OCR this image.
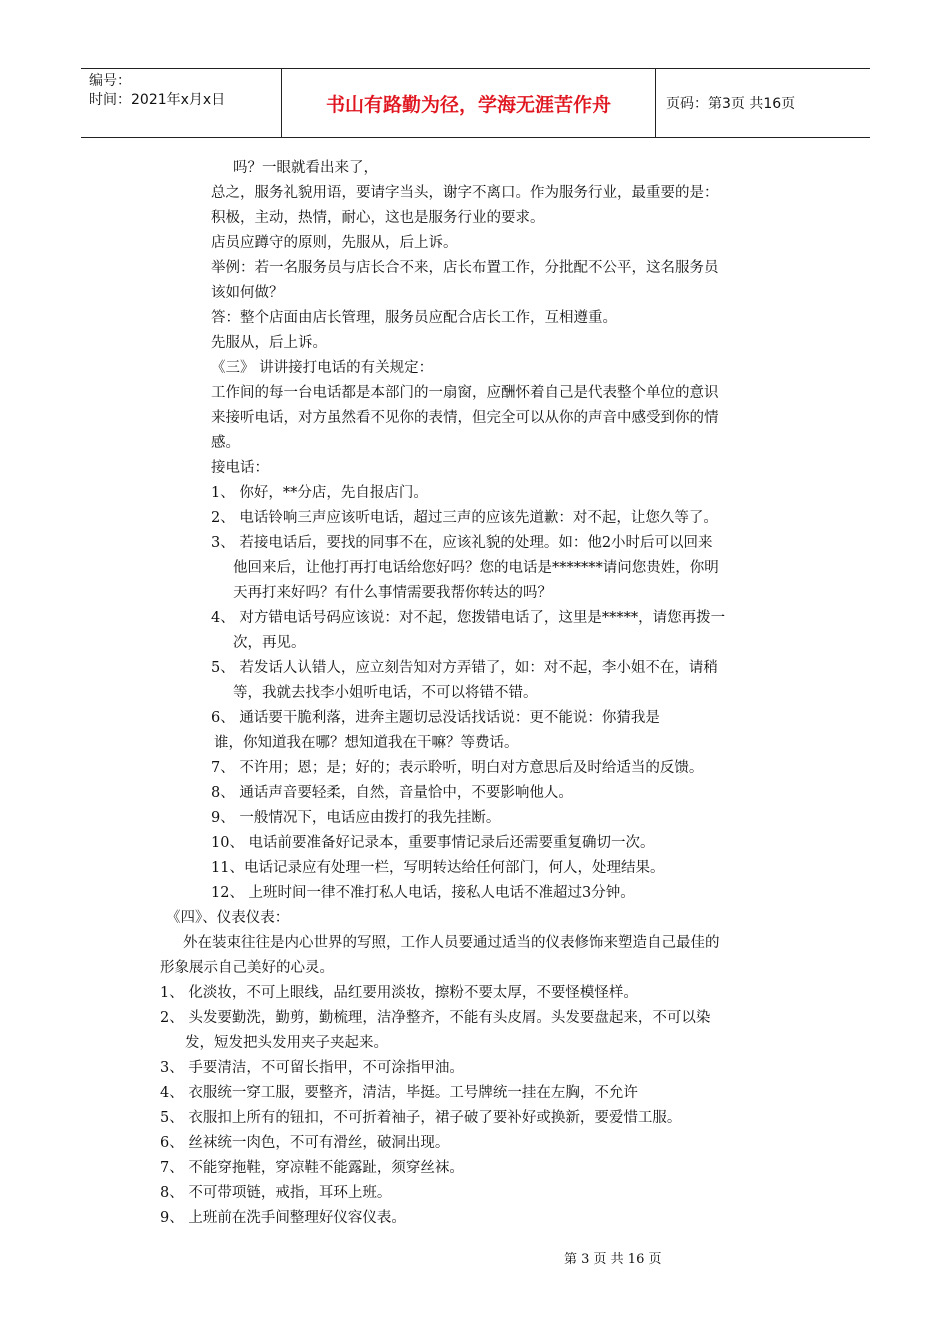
编号：
时间：2021年x月x日	书山有路勤为径，学海无涯苦作舟	页码：第3页 共16页
吗？一眼就看出来了，
总之，服务礼貌用语，要请字当头，谢字不离口。作为服务行业，最重要的是：
积极，主动，热情，耐心，这也是服务行业的要求。
店员应蹲守的原则，先服从，后上诉。
举例：若一名服务员与店长合不来，店长布置工作，分批配不公平，这名服务员
该如何做？
答：整个店面由店长管理，服务员应配合店长工作，互相遵重。
先服从，后上诉。
《三》 讲讲接打电话的有关规定：
工作间的每一台电话都是本部门的一扇窗，应酬怀着自己是代表整个单位的意识
来接听电话，对方虽然看不见你的表情，但完全可以从你的声音中感受到你的情
感。
接电话：
1、 你好，**分店，先自报店门。
2、 电话铃响三声应该听电话，超过三声的应该先道歉：对不起，让您久等了。
3、 若接电话后，要找的同事不在，应该礼貌的处理。如：他2小时后可以回来
他回来后，让他打再打电话给您好吗？您的电话是*******请问您贵姓，你明
天再打来好吗？有什么事情需要我帮你转达的吗？
4、 对方错电话号码应该说：对不起，您拨错电话了，这里是*****，请您再拨一
次，再见。
5、 若发话人认错人，应立刻告知对方弄错了，如：对不起，李小姐不在，请稍
等，我就去找李小姐听电话，不可以将错不错。
6、 通话要干脆利落，进奔主题切忌没话找话说：更不能说：你猜我是
谁，你知道我在哪？想知道我在干嘛？等费话。
7、 不许用；恩；是；好的；表示聆听，明白对方意思后及时给适当的反馈。
8、 通话声音要轻柔，自然，音量恰中，不要影响他人。
9、 一般情况下，电话应由拨打的我先挂断。
10、 电话前要准备好记录本，重要事情记录后还需要重复确切一次。
11、电话记录应有处理一栏，写明转达给任何部门，何人，处理结果。
12、 上班时间一律不准打私人电话，接私人电话不准超过3分钟。
《四》、仪表仪表：
外在装束往往是内心世界的写照，工作人员要通过适当的仪表修饰来塑造自己最佳的
形象展示自己美好的心灵。
1、 化淡妆，不可上眼线，品红要用淡妆，擦粉不要太厚，不要怪模怪样。
2、 头发要勤洗，勤剪，勤梳理，洁净整齐，不能有头皮屑。头发要盘起来，不可以染
发，短发把头发用夹子夹起来。
3、 手要清洁，不可留长指甲，不可涂指甲油。
4、 衣服统一穿工服，要整齐，清洁，毕挺。工号牌统一挂在左胸，不允许
5、 衣服扣上所有的钮扣，不可折着袖子，裙子破了要补好或换新，要爱惜工服。
6、 丝袜统一肉色，不可有滑丝，破洞出现。
7、 不能穿拖鞋，穿凉鞋不能露趾，须穿丝袜。
8、 不可带项链，戒指，耳环上班。
9、 上班前在洗手间整理好仪容仪表。
第 3 页 共 16 页
